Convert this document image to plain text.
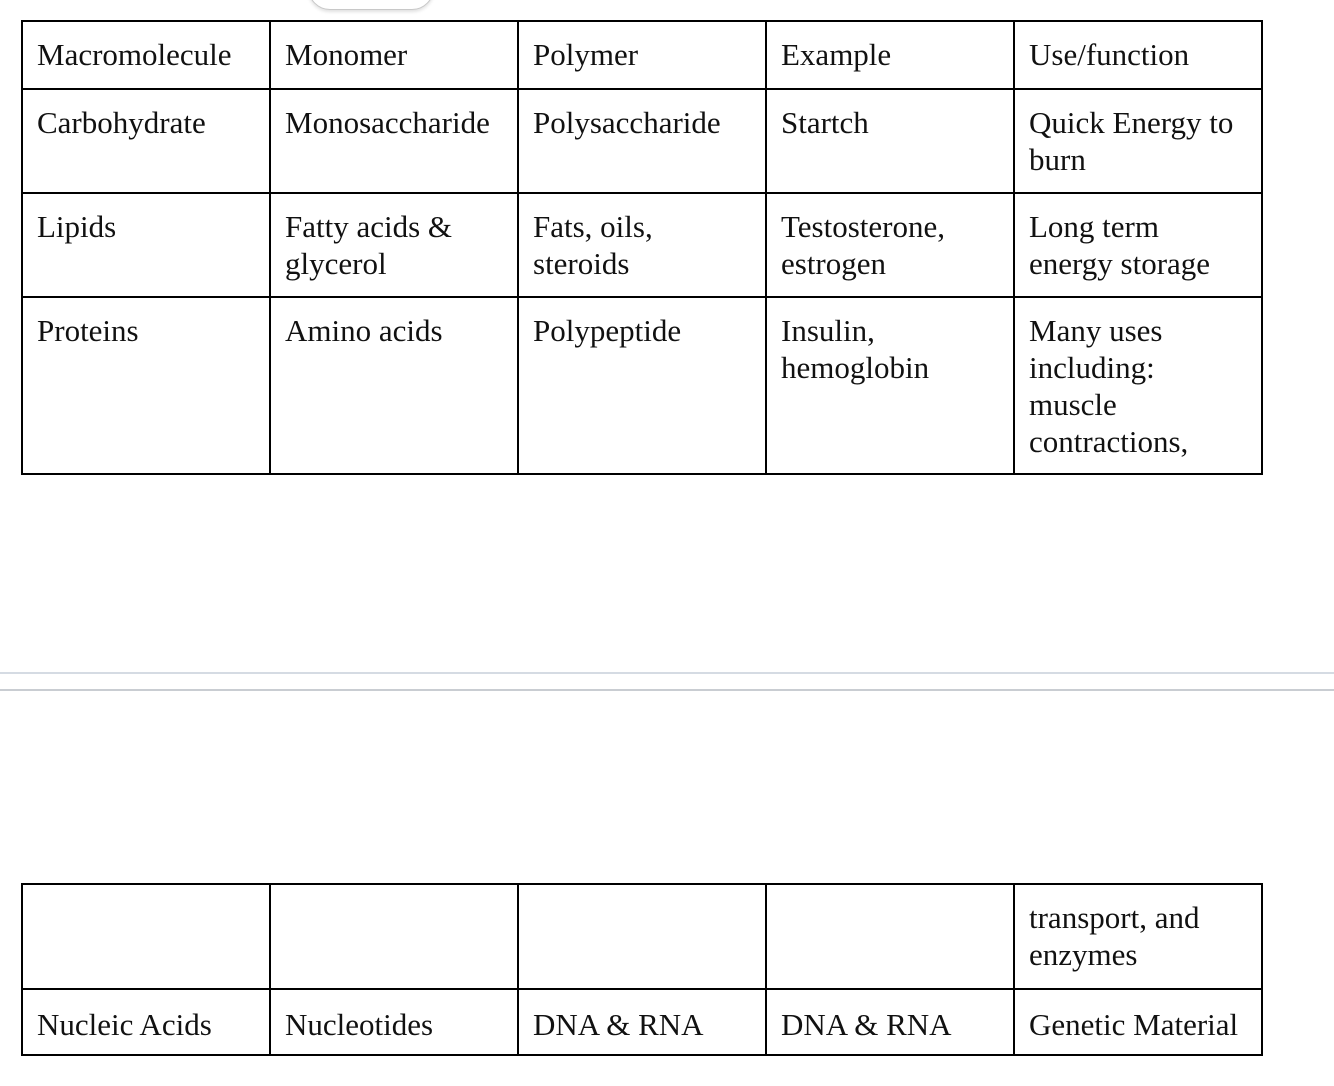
Macromolecule	Monomer	Polymer	Example	Use/function
Carbohydrate	Monosaccharide	Polysaccharide	Startch	Quick Energy to burn
Lipids	Fatty acids & glycerol	Fats, oils, steroids	Testosterone, estrogen	Long term energy storage
Proteins	Amino acids	Polypeptide	Insulin, hemoglobin	Many uses including: muscle contractions,
				transport, and enzymes
Nucleic Acids	Nucleotides	DNA & RNA	DNA & RNA	Genetic Material
